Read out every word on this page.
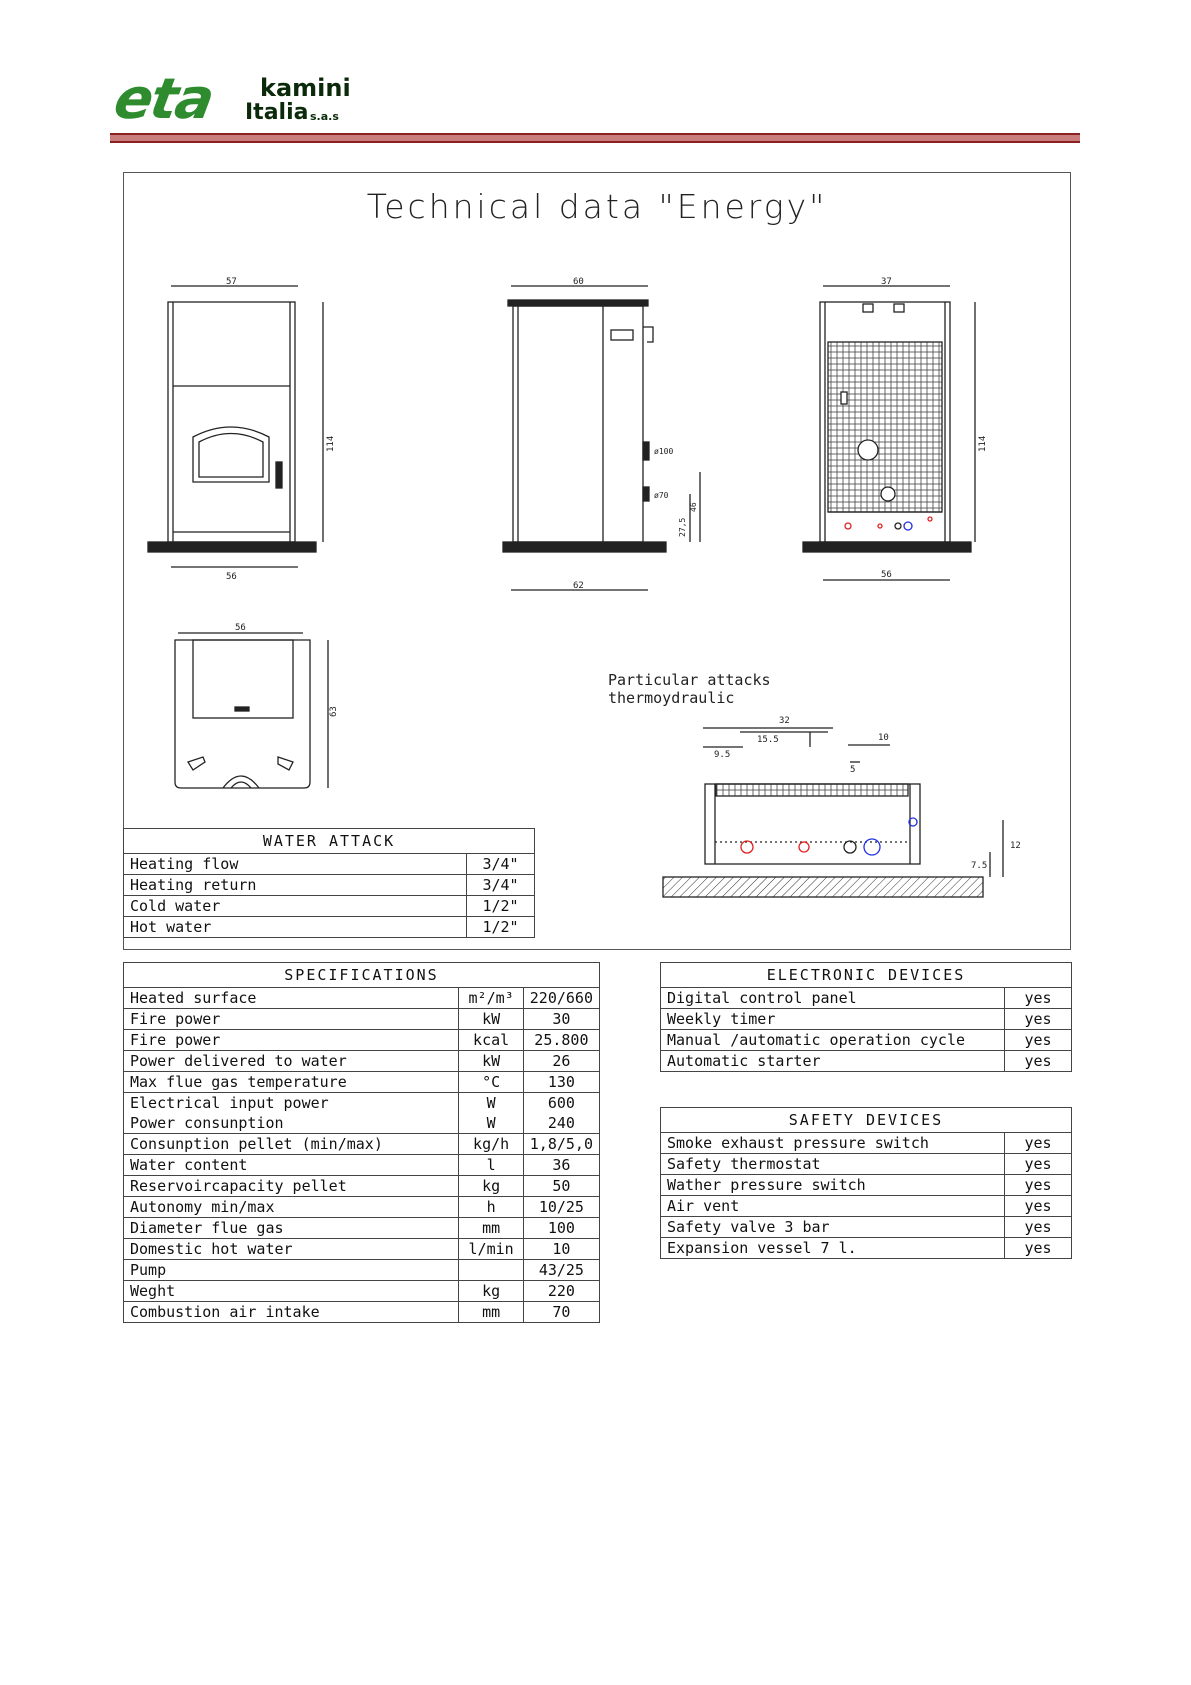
eta kamini
Italia s.a.s
Technical data "Energy"
57
56
114
60
ø100
ø70
27,5
46
62
37
56
114
56
63
Particular attacks thermoydraulic
32
15.5
9.5
10
5
12
7.5
WATER ATTACK	
Heating flow	3/4"
Heating return	3/4"
Cold water	1/2"
Hot water	1/2"
SPECIFICATIONS		
Heated surface	m²/m³	220/660
Fire power	kW	30
Fire power	kcal	25.800
Power delivered to water	kW	26
Max flue gas temperature	°C	130
Electrical input power	W	600
Power consunption	W	240
Consunption pellet (min/max)	kg/h	1,8/5,0
Water content	l	36
Reservoircapacity pellet	kg	50
Autonomy min/max	h	10/25
Diameter flue gas	mm	100
Domestic hot water	l/min	10
Pump		43/25
Weght	kg	220
Combustion air intake	mm	70
ELECTRONIC DEVICES	
Digital control panel	yes
Weekly timer	yes
Manual /automatic operation cycle	yes
Automatic starter	yes
SAFETY DEVICES	
Smoke exhaust pressure switch	yes
Safety thermostat	yes
Wather pressure switch	yes
Air vent	yes
Safety valve 3 bar	yes
Expansion vessel 7 l.	yes
